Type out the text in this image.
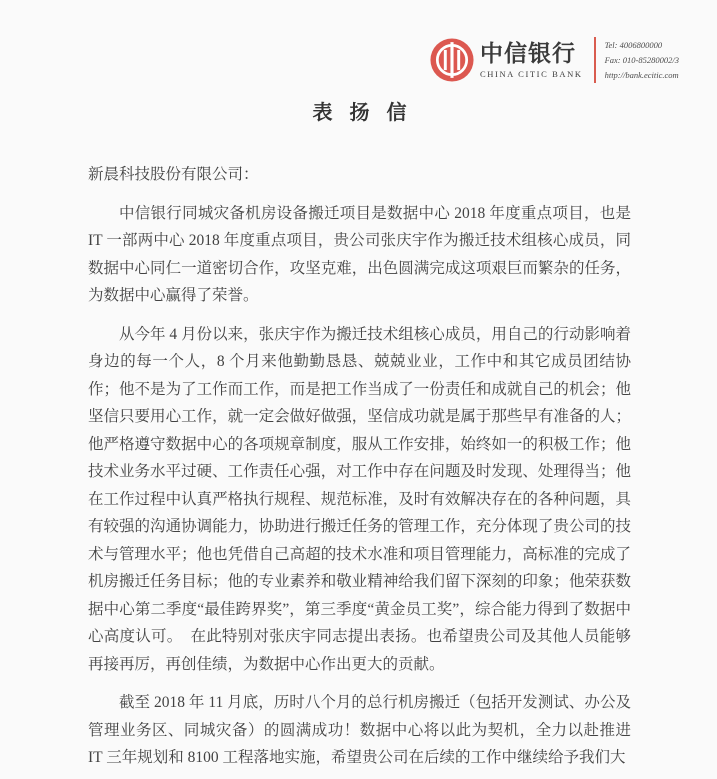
中信银行
CHINA CITIC BANK
Tel: 4006800000
Fax: 010-85280002/3
http://bank.ecitic.com
表 扬 信

新晨科技股份有限公司：

中信银行同城灾备机房设备搬迁项目是数据中心 2018 年度重点项目，也是 IT 一部两中心 2018 年度重点项目，贵公司张庆宇作为搬迁技术组核心成员，同数据中心同仁一道密切合作，攻坚克难，出色圆满完成这项艰巨而繁杂的任务，为数据中心赢得了荣誉。

从今年 4 月份以来，张庆宇作为搬迁技术组核心成员，用自己的行动影响着身边的每一个人，8 个月来他勤勤恳恳、兢兢业业，工作中和其它成员团结协作；他不是为了工作而工作，而是把工作当成了一份责任和成就自己的机会；他坚信只要用心工作，就一定会做好做强，坚信成功就是属于那些早有准备的人；他严格遵守数据中心的各项规章制度，服从工作安排，始终如一的积极工作；他技术业务水平过硬、工作责任心强，对工作中存在问题及时发现、处理得当；他在工作过程中认真严格执行规程、规范标准，及时有效解决存在的各种问题，具有较强的沟通协调能力，协助进行搬迁任务的管理工作，充分体现了贵公司的技术与管理水平；他也凭借自己高超的技术水准和项目管理能力，高标准的完成了机房搬迁任务目标；他的专业素养和敬业精神给我们留下深刻的印象；他荣获数据中心第二季度“最佳跨界奖”，第三季度“黄金员工奖”，综合能力得到了数据中心高度认可。　在此特别对张庆宇同志提出表扬。也希望贵公司及其他人员能够再接再厉，再创佳绩，为数据中心作出更大的贡献。

截至 2018 年 11 月底，历时八个月的总行机房搬迁（包括开发测试、办公及管理业务区、同城灾备）的圆满成功！数据中心将以此为契机，全力以赴推进 IT 三年规划和 8100 工程落地实施，希望贵公司在后续的工作中继续给予我们大
